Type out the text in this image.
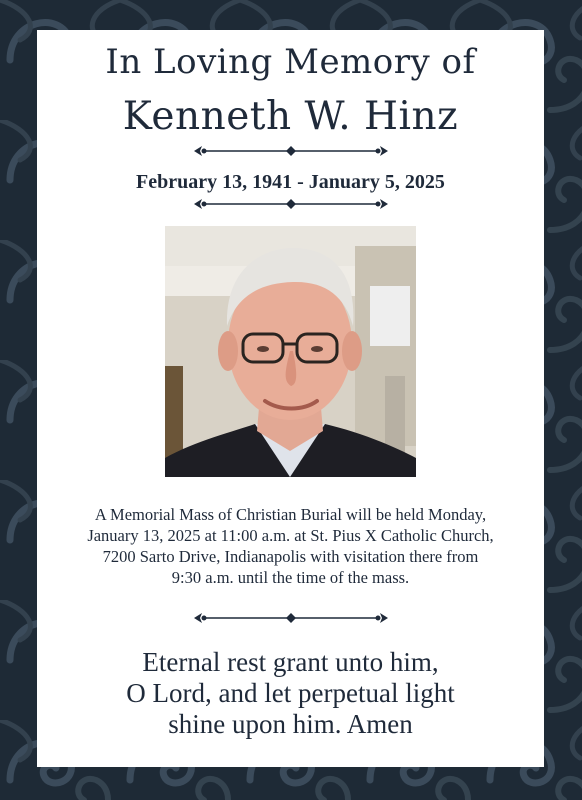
In Loving Memory of
Kenneth W. Hinz
February 13, 1941 - January 5, 2025
A Memorial Mass of Christian Burial will be held Monday,
January 13, 2025 at 11:00 a.m. at St. Pius X Catholic Church,
7200 Sarto Drive, Indianapolis with visitation there from
9:30 a.m. until the time of the mass.
Eternal rest grant unto him,
O Lord, and let perpetual light
shine upon him. Amen
